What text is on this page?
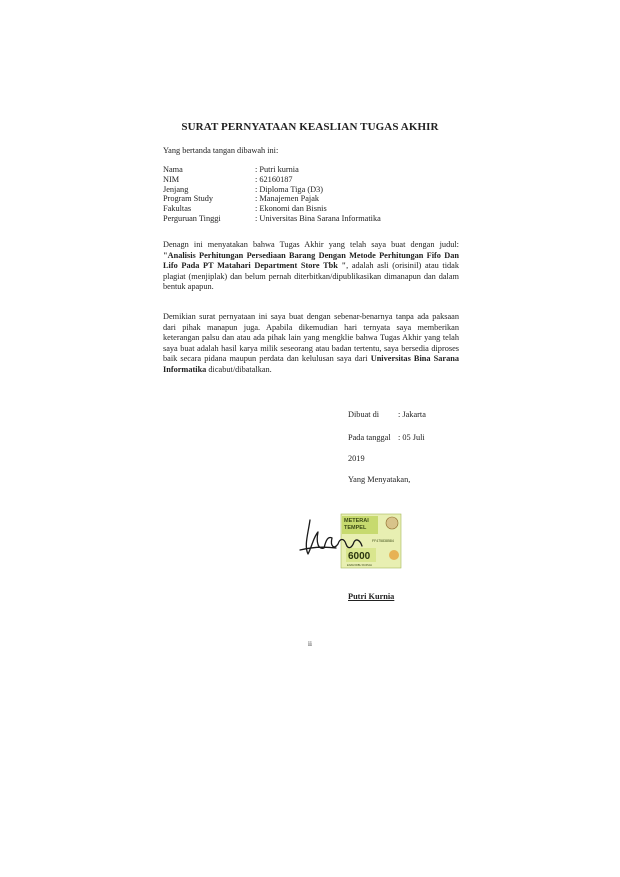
SURAT PERNYATAAN KEASLIAN TUGAS AKHIR
Yang bertanda tangan dibawah ini:
Nama	: Putri kurnia
NIM	: 62160187
Jenjang	: Diploma Tiga (D3)
Program Study	: Manajemen Pajak
Fakultas	: Ekonomi dan Bisnis
Perguruan Tinggi	: Universitas Bina Sarana Informatika
Denagn ini menyatakan bahwa Tugas Akhir yang telah saya buat dengan judul: "Analisis Perhitungan Persediaan Barang Dengan Metode Perhitungan Fifo Dan Lifo Pada PT Matahari Department Store Tbk ", adalah asli (orisinil) atau tidak plagiat (menjiplak) dan belum pernah diterbitkan/dipublikasikan dimanapun dan dalam bentuk apapun.
Demikian surat pernyataan ini saya buat dengan sebenar-benarnya tanpa ada paksaan dari pihak manapun juga. Apabila dikemudian hari ternyata saya memberikan keterangan palsu dan atau ada pihak lain yang mengklie bahwa Tugas Akhir yang telah saya buat adalah hasil karya milik seseorang atau badan tertentu, saya bersedia diproses baik secara pidana maupun perdata dan kelulusan saya dari Universitas Bina Sarana Informatika dicabut/dibatalkan.
Dibuat di	: Jakarta
Pada tanggal : 05 Juli
2019
Yang Menyatakan,
METERAI
TEMPEL
FF475838584
6000
ENAM RIBU RUPIAH
Putri Kurnia
ii
